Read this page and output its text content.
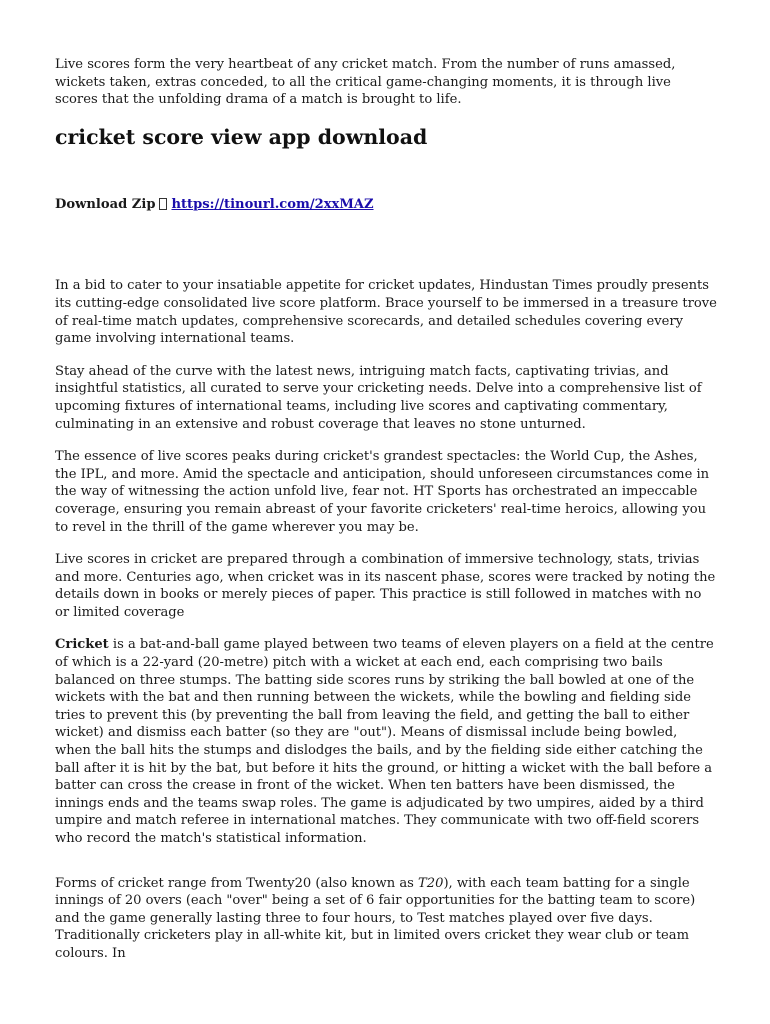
Live scores form the very heartbeat of any cricket match. From the number of runs amassed, wickets taken, extras conceded, to all the critical game-changing moments, it is through live scores that the unfolding drama of a match is brought to life.

cricket score view app download
Download Zip https://tinourl.com/2xxMAZ

In a bid to cater to your insatiable appetite for cricket updates, Hindustan Times proudly presents its cutting-edge consolidated live score platform. Brace yourself to be immersed in a treasure trove of real-time match updates, comprehensive scorecards, and detailed schedules covering every game involving international teams.

Stay ahead of the curve with the latest news, intriguing match facts, captivating trivias, and insightful statistics, all curated to serve your cricketing needs. Delve into a comprehensive list of upcoming fixtures of international teams, including live scores and captivating commentary, culminating in an extensive and robust coverage that leaves no stone unturned.

The essence of live scores peaks during cricket's grandest spectacles: the World Cup, the Ashes, the IPL, and more. Amid the spectacle and anticipation, should unforeseen circumstances come in the way of witnessing the action unfold live, fear not. HT Sports has orchestrated an impeccable coverage, ensuring you remain abreast of your favorite cricketers' real-time heroics, allowing you to revel in the thrill of the game wherever you may be.

Live scores in cricket are prepared through a combination of immersive technology, stats, trivias and more. Centuries ago, when cricket was in its nascent phase, scores were tracked by noting the details down in books or merely pieces of paper. This practice is still followed in matches with no or limited coverage

Cricket is a bat-and-ball game played between two teams of eleven players on a field at the centre of which is a 22-yard (20-metre) pitch with a wicket at each end, each comprising two bails balanced on three stumps. The batting side scores runs by striking the ball bowled at one of the wickets with the bat and then running between the wickets, while the bowling and fielding side tries to prevent this (by preventing the ball from leaving the field, and getting the ball to either wicket) and dismiss each batter (so they are "out"). Means of dismissal include being bowled, when the ball hits the stumps and dislodges the bails, and by the fielding side either catching the ball after it is hit by the bat, but before it hits the ground, or hitting a wicket with the ball before a batter can cross the crease in front of the wicket. When ten batters have been dismissed, the innings ends and the teams swap roles. The game is adjudicated by two umpires, aided by a third umpire and match referee in international matches. They communicate with two off-field scorers who record the match's statistical information.

Forms of cricket range from Twenty20 (also known as T20), with each team batting for a single innings of 20 overs (each "over" being a set of 6 fair opportunities for the batting team to score) and the game generally lasting three to four hours, to Test matches played over five days. Traditionally cricketers play in all-white kit, but in limited overs cricket they wear club or team colours. In
